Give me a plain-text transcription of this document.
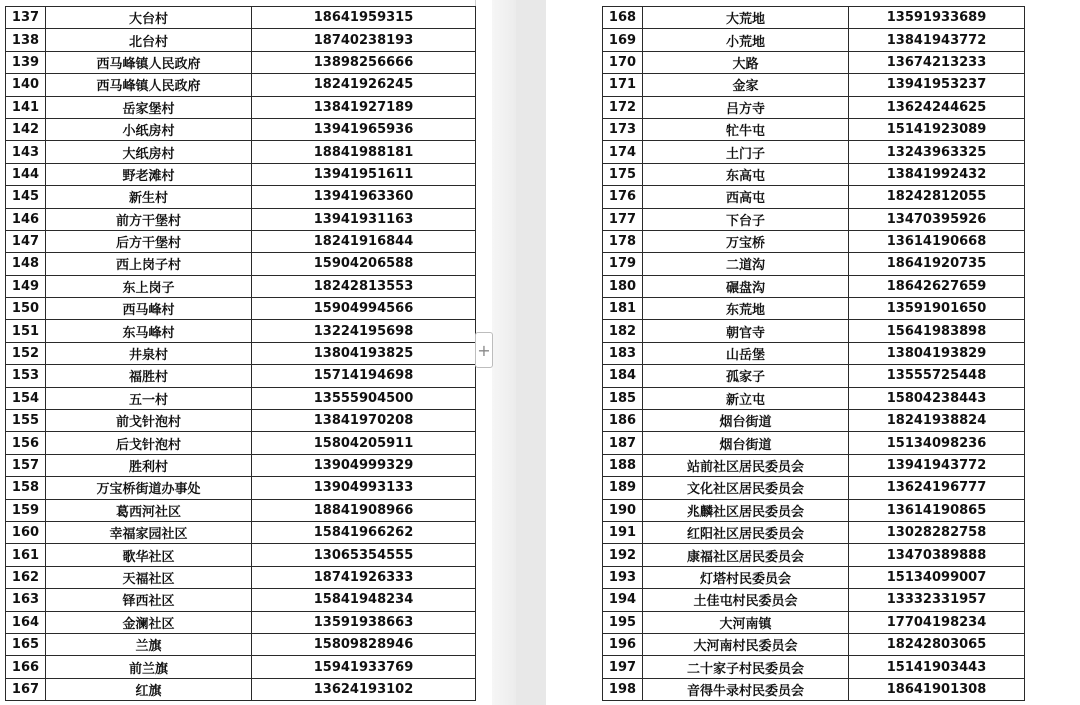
137	大台村	18641959315
138	北台村	18740238193
139	西马峰镇人民政府	13898256666
140	西马峰镇人民政府	18241926245
141	岳家堡村	13841927189
142	小纸房村	13941965936
143	大纸房村	18841988181
144	野老滩村	13941951611
145	新生村	13941963360
146	前方干堡村	13941931163
147	后方干堡村	18241916844
148	西上岗子村	15904206588
149	东上岗子	18242813553
150	西马峰村	15904994566
151	东马峰村	13224195698
152	井泉村	13804193825
153	福胜村	15714194698
154	五一村	13555904500
155	前戈针泡村	13841970208
156	后戈针泡村	15804205911
157	胜利村	13904999329
158	万宝桥街道办事处	13904993133
159	葛西河社区	18841908966
160	幸福家园社区	15841966262
161	歌华社区	13065354555
162	天福社区	18741926333
163	铎西社区	15841948234
164	金澜社区	13591938663
165	兰旗	15809828946
166	前兰旗	15941933769
167	红旗	13624193102
168	大荒地	13591933689
169	小荒地	13841943772
170	大路	13674213233
171	金家	13941953237
172	吕方寺	13624244625
173	牤牛屯	15141923089
174	土门子	13243963325
175	东高屯	13841992432
176	西高屯	18242812055
177	下台子	13470395926
178	万宝桥	13614190668
179	二道沟	18641920735
180	碾盘沟	18642627659
181	东荒地	13591901650
182	朝官寺	15641983898
183	山岳堡	13804193829
184	孤家子	13555725448
185	新立屯	15804238443
186	烟台街道	18241938824
187	烟台街道	15134098236
188	站前社区居民委员会	13941943772
189	文化社区居民委员会	13624196777
190	兆麟社区居民委员会	13614190865
191	红阳社区居民委员会	13028282758
192	康福社区居民委员会	13470389888
193	灯塔村民委员会	15134099007
194	土佳屯村民委员会	13332331957
195	大河南镇	17704198234
196	大河南村民委员会	18242803065
197	二十家子村民委员会	15141903443
198	音得牛录村民委员会	18641901308
+
